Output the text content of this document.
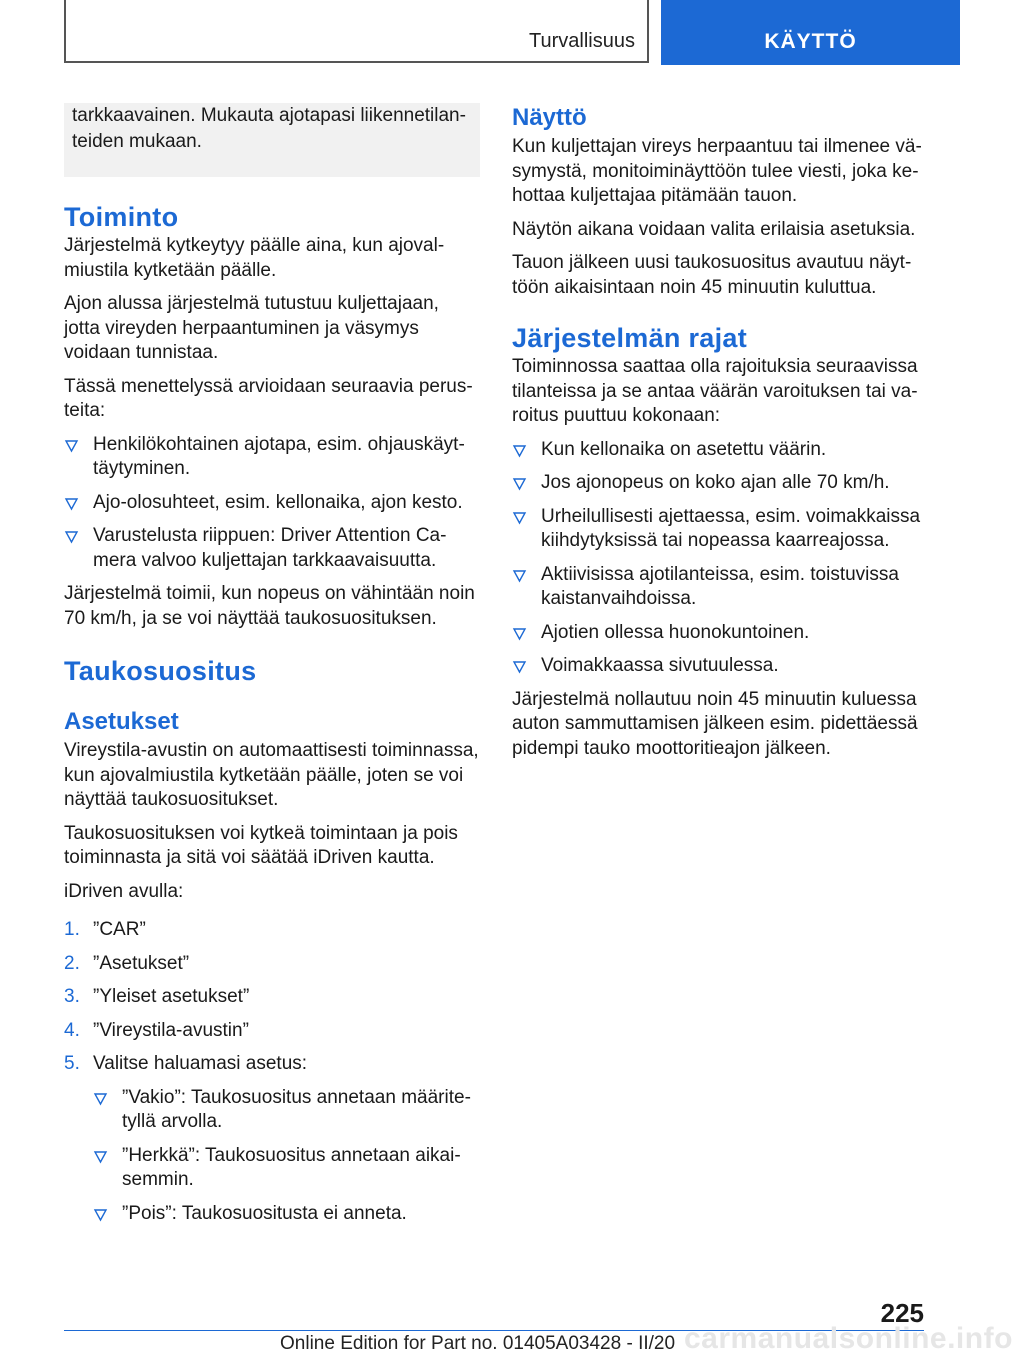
Turvallisuus	KÄYTTÖ
tarkkaavainen. Mukauta ajotapasi liikennetilanteiden mukaan.
Toiminto

Järjestelmä kytkeytyy päälle aina, kun ajovalmiustila kytketään päälle.

Ajon alussa järjestelmä tutustuu kuljettajaan, jotta vireyden herpaantuminen ja väsymys voidaan tunnistaa.

Tässä menettelyssä arvioidaan seuraavia perusteita:

Henkilökohtainen ajotapa, esim. ohjauskäyttäytyminen.
Ajo-olosuhteet, esim. kellonaika, ajon kesto.
Varustelusta riippuen: Driver Attention Camera valvoo kuljettajan tarkkaavaisuutta.

Järjestelmä toimii, kun nopeus on vähintään noin 70 km/h, ja se voi näyttää taukosuosituksen.

Taukosuositus
Asetukset

Vireystila-avustin on automaattisesti toiminnassa, kun ajovalmiustila kytketään päälle, joten se voi näyttää taukosuositukset.

Taukosuosituksen voi kytkeä toimintaan ja pois toiminnasta ja sitä voi säätää iDriven kautta.

iDriven avulla:

1. ”CAR”
2. ”Asetukset”
3. ”Yleiset asetukset”
4. ”Vireystila-avustin”
5. Valitse haluamasi asetus:
”Vakio”: Taukosuositus annetaan määritetyllä arvolla.
”Herkkä”: Taukosuositus annetaan aikaisemmin.
”Pois”: Taukosuositusta ei anneta.
Näyttö

Kun kuljettajan vireys herpaantuu tai ilmenee väsymystä, monitoiminäyttöön tulee viesti, joka kehottaa kuljettajaa pitämään tauon.

Näytön aikana voidaan valita erilaisia asetuksia.

Tauon jälkeen uusi taukosuositus avautuu näyttöön aikaisintaan noin 45 minuutin kuluttua.

Järjestelmän rajat

Toiminnossa saattaa olla rajoituksia seuraavissa tilanteissa ja se antaa väärän varoituksen tai varoitus puuttuu kokonaan:

Kun kellonaika on asetettu väärin.
Jos ajonopeus on koko ajan alle 70 km/h.
Urheilullisesti ajettaessa, esim. voimakkaissa kiihdytyksissä tai nopeassa kaarreajossa.
Aktiivisissa ajotilanteissa, esim. toistuvissa kaistanvaihdoissa.
Ajotien ollessa huonokuntoinen.
Voimakkaassa sivutuulessa.

Järjestelmä nollautuu noin 45 minuutin kuluessa auton sammuttamisen jälkeen esim. pidettäessä pidempi tauko moottoritieajon jälkeen.

225
carmanualsonline.info
Online Edition for Part no. 01405A03428 - II/20
